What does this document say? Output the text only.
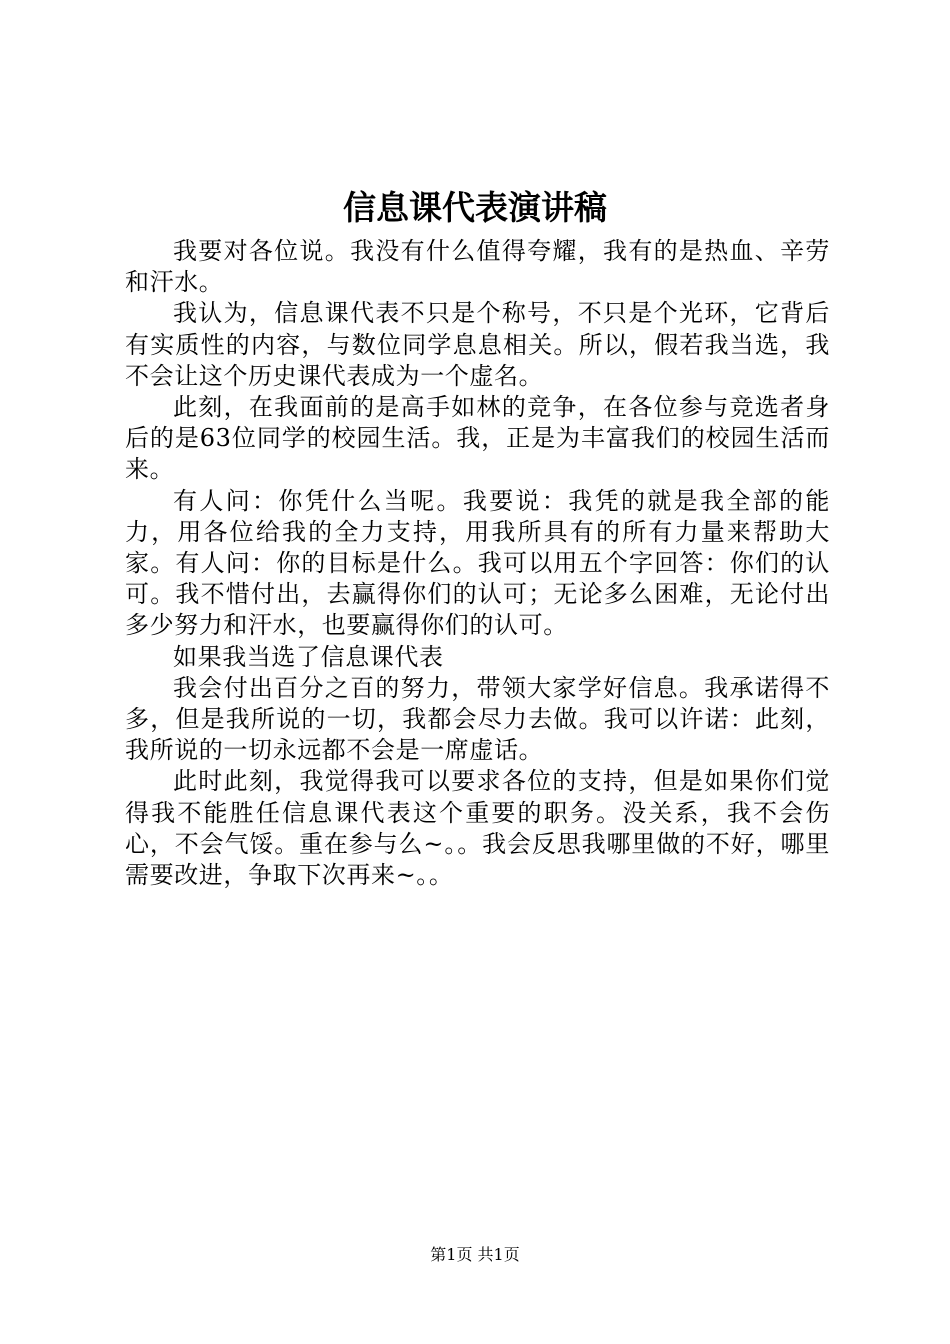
信息课代表演讲稿

我要对各位说。我没有什么值得夸耀，我有的是热血、辛劳和汗水。

我认为，信息课代表不只是个称号，不只是个光环，它背后有实质性的内容，与数位同学息息相关。所以，假若我当选，我不会让这个历史课代表成为一个虚名。

此刻，在我面前的是高手如林的竞争，在各位参与竞选者身后的是63位同学的校园生活。我，正是为丰富我们的校园生活而来。

有人问：你凭什么当呢。我要说：我凭的就是我全部的能力，用各位给我的全力支持，用我所具有的所有力量来帮助大家。有人问：你的目标是什么。我可以用五个字回答：你们的认可。我不惜付出，去赢得你们的认可；无论多么困难，无论付出多少努力和汗水，也要赢得你们的认可。

如果我当选了信息课代表

我会付出百分之百的努力，带领大家学好信息。我承诺得不多，但是我所说的一切，我都会尽力去做。我可以许诺：此刻，我所说的一切永远都不会是一席虚话。

此时此刻，我觉得我可以要求各位的支持，但是如果你们觉得我不能胜任信息课代表这个重要的职务。没关系，我不会伤心，不会气馁。重在参与么~。。我会反思我哪里做的不好，哪里需要改进，争取下次再来~。。

第1页 共1页
